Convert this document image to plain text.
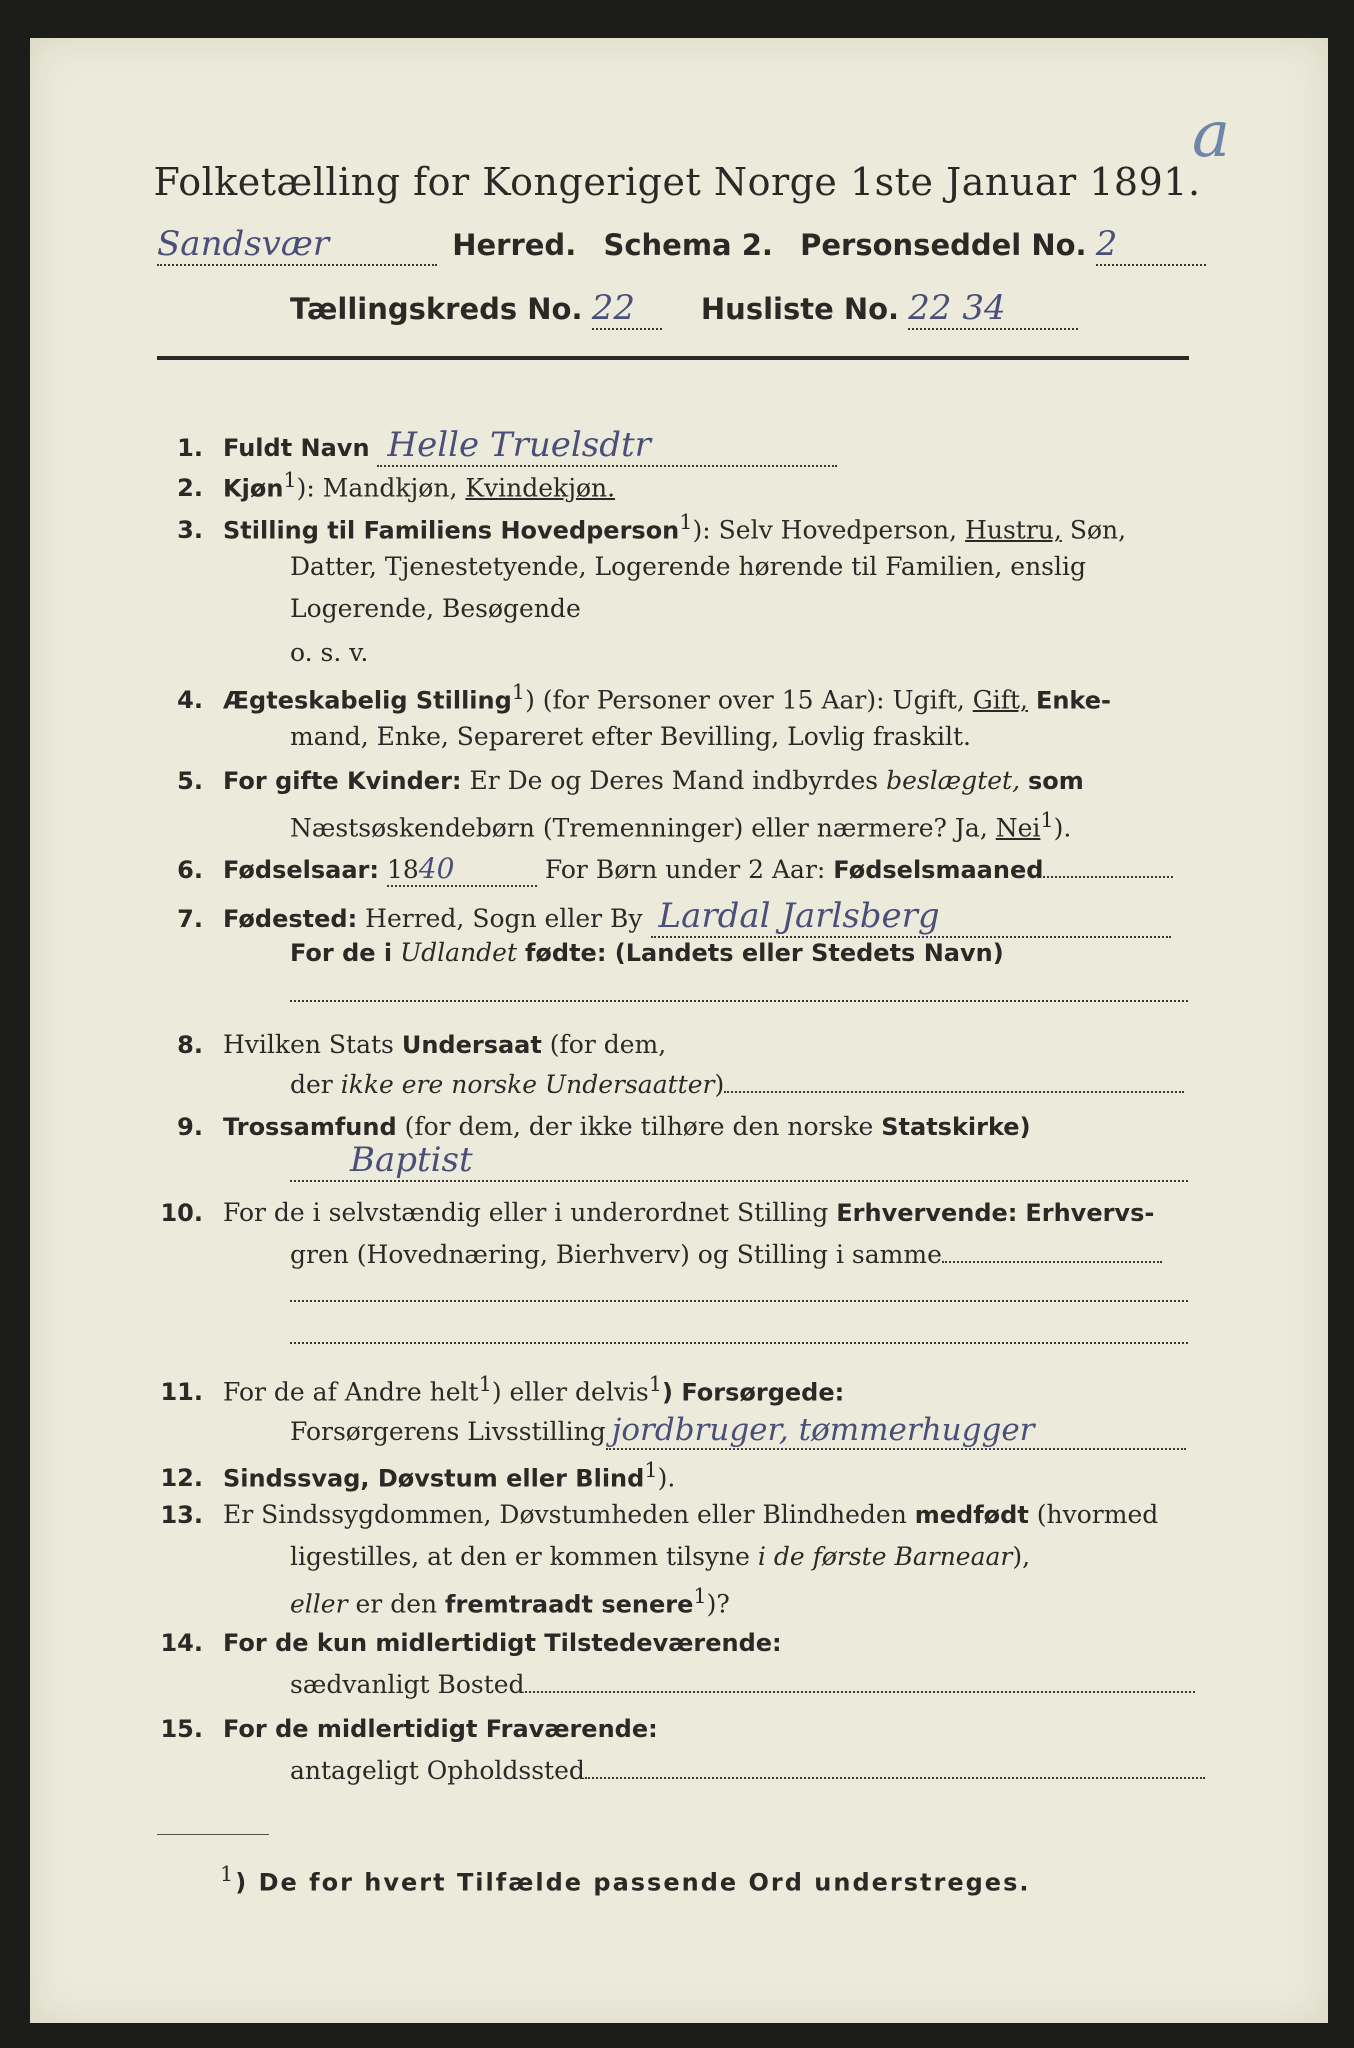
a
Folketælling for Kongeriget Norge 1ste Januar 1891.
Sandsvær	Herred. Schema 2. Personseddel No. 2
Tællingskreds No. 22 Husliste No. 22 34
1. Fuldt Navn Helle Truelsdtr
2. Kjøn$^1$): Mandkjøn, Kvindekjøn.
3. Stilling til Familiens Hovedperson$^1$): Selv Hovedperson, Hustru, Søn,
Datter, Tjenestetyende, Logerende hørende til Familien, enslig
Logerende, Besøgende
o. s. v.
4. Ægteskabelig Stilling$^1$) (for Personer over 15 Aar): Ugift, Gift, Enke-
mand, Enke, Separeret efter Bevilling, Lovlig fraskilt.
5. For gifte Kvinder: Er De og Deres Mand indbyrdes beslægtet, som
Næstsøskendebørn (Tremenninger) eller nærmere? Ja, Nei$^1$).
6. Fødselsaar: 1840	For Børn under 2 Aar: Fødselsmaaned
7. Fødested: Herred, Sogn eller By Lardal Jarlsberg
For de i Udlandet fødte: (Landets eller Stedets Navn)
8. Hvilken Stats Undersaat (for dem,
der ikke ere norske Undersaatter)
9. Trossamfund (for dem, der ikke tilhøre den norske Statskirke)
Baptist
10. For de i selvstændig eller i underordnet Stilling Erhvervende: Erhvervs-
gren (Hovednæring, Bierhverv) og Stilling i samme
11. For de af Andre helt$^1$) eller delvis$^1$) Forsørgede:
Forsørgerens Livsstilling jordbruger, tømmerhugger
12. Sindssvag, Døvstum eller Blind$^1$).
13. Er Sindssygdommen, Døvstumheden eller Blindheden medfødt (hvormed
ligestilles, at den er kommen tilsyne i de første Barneaar),
eller er den fremtraadt senere$^1$)?
14. For de kun midlertidigt Tilstedeværende:
sædvanligt Bosted
15. For de midlertidigt Fraværende:
antageligt Opholdssted
$^1$) De for hvert Tilfælde passende Ord understreges.
